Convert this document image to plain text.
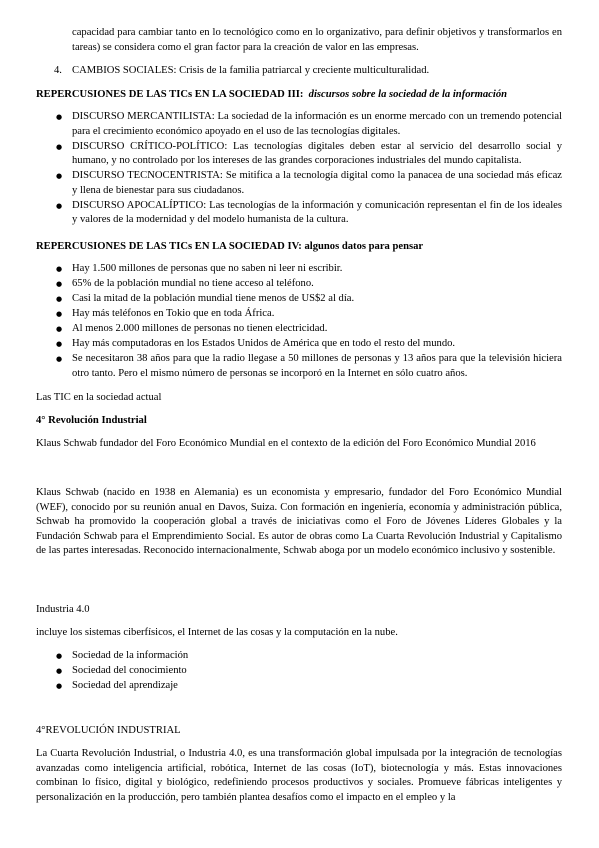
capacidad para cambiar tanto en lo tecnológico como en lo organizativo, para definir objetivos y transformarlos en tareas) se considera como el gran factor para la creación de valor en las empresas.

4. CAMBIOS SOCIALES: Crisis de la familia patriarcal y creciente multiculturalidad.

REPERCUSIONES DE LAS TICs EN LA SOCIEDAD III: discursos sobre la sociedad de la información
● DISCURSO MERCANTILISTA: La sociedad de la información es un enorme mercado con un tremendo potencial para el crecimiento económico apoyado en el uso de las tecnologías digitales.
● DISCURSO CRÍTICO-POLÍTICO: Las tecnologías digitales deben estar al servicio del desarrollo social y humano, y no controlado por los intereses de las grandes corporaciones industriales del mundo capitalista.
● DISCURSO TECNOCENTRISTA: Se mitifica a la tecnología digital como la panacea de una sociedad más eficaz y llena de bienestar para sus ciudadanos.
● DISCURSO APOCALÍPTICO: Las tecnologías de la información y comunicación representan el fin de los ideales y valores de la modernidad y del modelo humanista de la cultura.
REPERCUSIONES DE LAS TICs EN LA SOCIEDAD IV: algunos datos para pensar
● Hay 1.500 millones de personas que no saben ni leer ni escribir.
● 65% de la población mundial no tiene acceso al teléfono.
● Casi la mitad de la población mundial tiene menos de US$2 al día.
● Hay más teléfonos en Tokio que en toda África.
● Al menos 2.000 millones de personas no tienen electricidad.
● Hay más computadoras en los Estados Unidos de América que en todo el resto del mundo.
● Se necesitaron 38 años para que la radio llegase a 50 millones de personas y 13 años para que la televisión hiciera otro tanto. Pero el mismo número de personas se incorporó en la Internet en sólo cuatro años.

Las TIC en la sociedad actual

4° Revolución Industrial

Klaus Schwab fundador del Foro Económico Mundial en el contexto de la edición del Foro Económico Mundial 2016

Klaus Schwab (nacido en 1938 en Alemania) es un economista y empresario, fundador del Foro Económico Mundial (WEF), conocido por su reunión anual en Davos, Suiza. Con formación en ingeniería, economía y administración pública, Schwab ha promovido la cooperación global a través de iniciativas como el Foro de Jóvenes Líderes Globales y la Fundación Schwab para el Emprendimiento Social. Es autor de obras como La Cuarta Revolución Industrial y Capitalismo de las partes interesadas. Reconocido internacionalmente, Schwab aboga por un modelo económico inclusivo y sostenible.

Industria 4.0

incluye los sistemas ciberfísicos, el Internet de las cosas y la computación en la nube.

● Sociedad de la información
● Sociedad del conocimiento
● Sociedad del aprendizaje

4°REVOLUCIÓN INDUSTRIAL

La Cuarta Revolución Industrial, o Industria 4.0, es una transformación global impulsada por la integración de tecnologías avanzadas como inteligencia artificial, robótica, Internet de las cosas (IoT), biotecnología y más. Estas innovaciones combinan lo físico, digital y biológico, redefiniendo procesos productivos y sociales. Promueve fábricas inteligentes y personalización en la producción, pero también plantea desafíos como el impacto en el empleo y la
